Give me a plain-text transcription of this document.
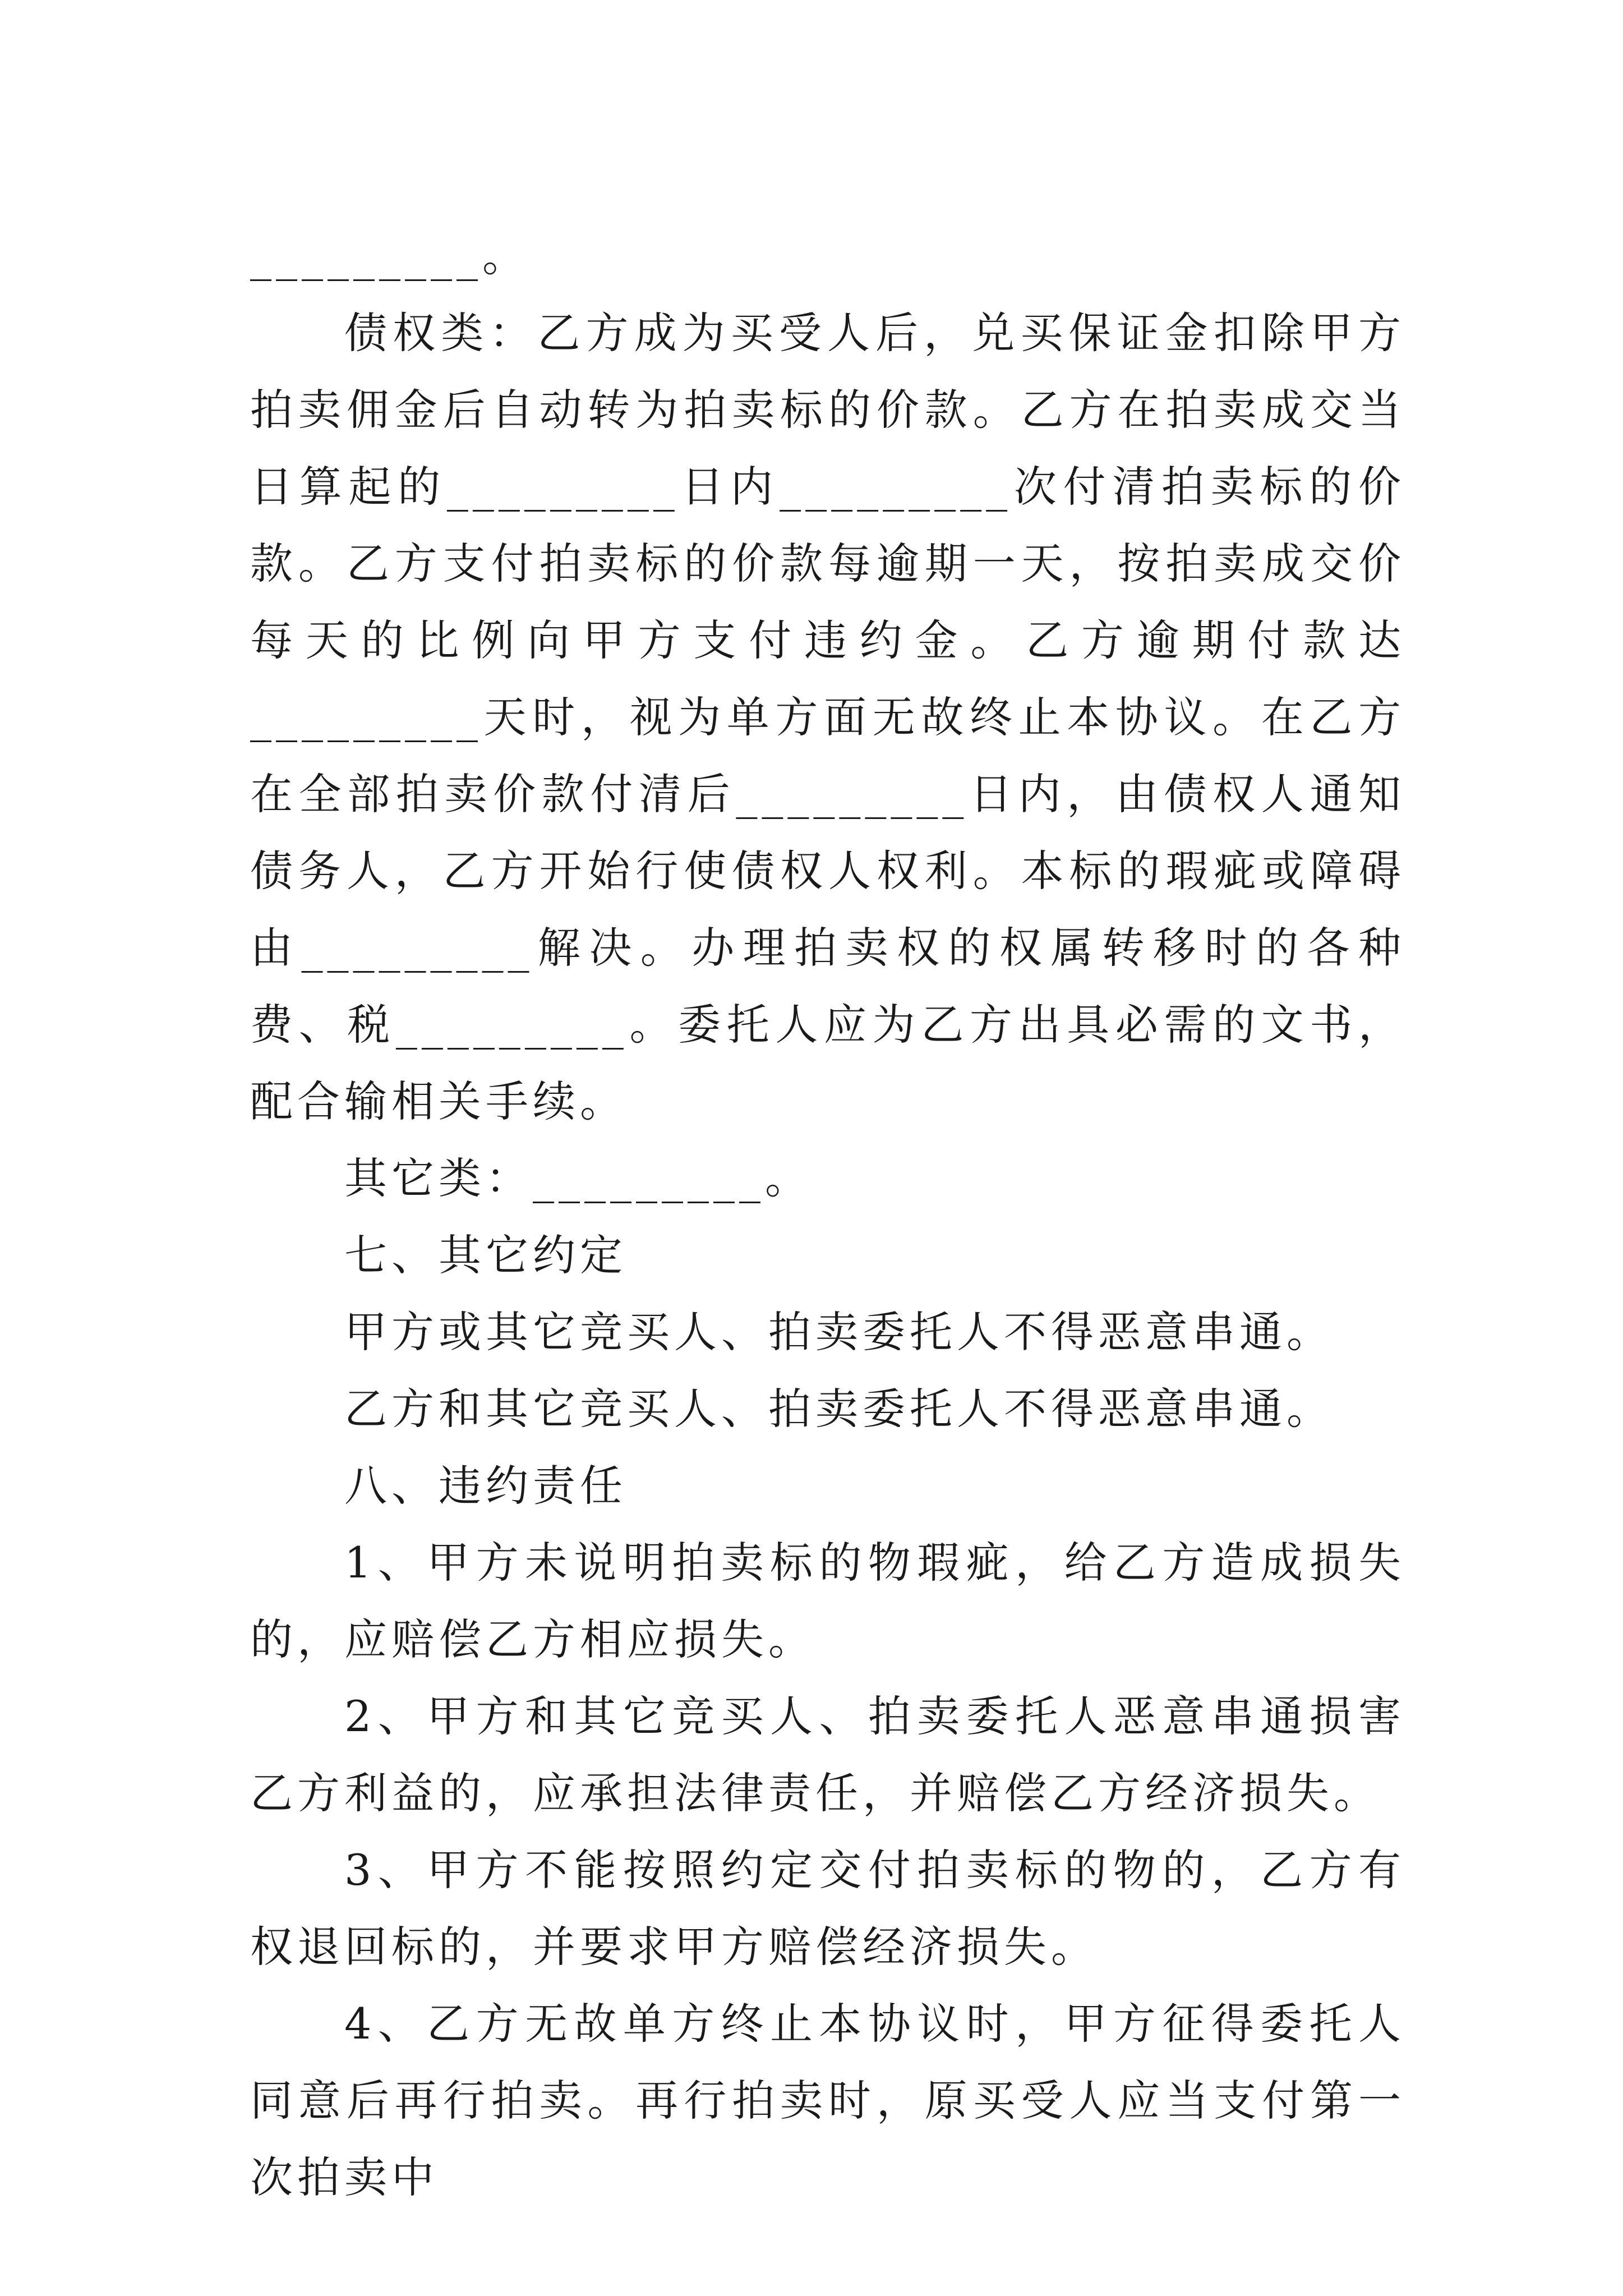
_________。

债权类：乙方成为买受人后，兑买保证金扣除甲方拍卖佣金后自动转为拍卖标的价款。乙方在拍卖成交当日算起的_________日内_________次付清拍卖标的价款。乙方支付拍卖标的价款每逾期一天，按拍卖成交价每天的比例向甲方支付违约金。乙方逾期付款达_________天时，视为单方面无故终止本协议。在乙方在全部拍卖价款付清后_________日内，由债权人通知债务人，乙方开始行使债权人权利。本标的瑕疵或障碍由_________解决。办理拍卖权的权属转移时的各种费、税_________。委托人应为乙方出具必需的文书，配合输相关手续。

其它类：_________。

七、其它约定

甲方或其它竞买人、拍卖委托人不得恶意串通。

乙方和其它竞买人、拍卖委托人不得恶意串通。

八、违约责任

1、甲方未说明拍卖标的物瑕疵，给乙方造成损失的，应赔偿乙方相应损失。

2、甲方和其它竞买人、拍卖委托人恶意串通损害乙方利益的，应承担法律责任，并赔偿乙方经济损失。

3、甲方不能按照约定交付拍卖标的物的，乙方有权退回标的，并要求甲方赔偿经济损失。

4、乙方无故单方终止本协议时，甲方征得委托人同意后再行拍卖。再行拍卖时，原买受人应当支付第一次拍卖中
